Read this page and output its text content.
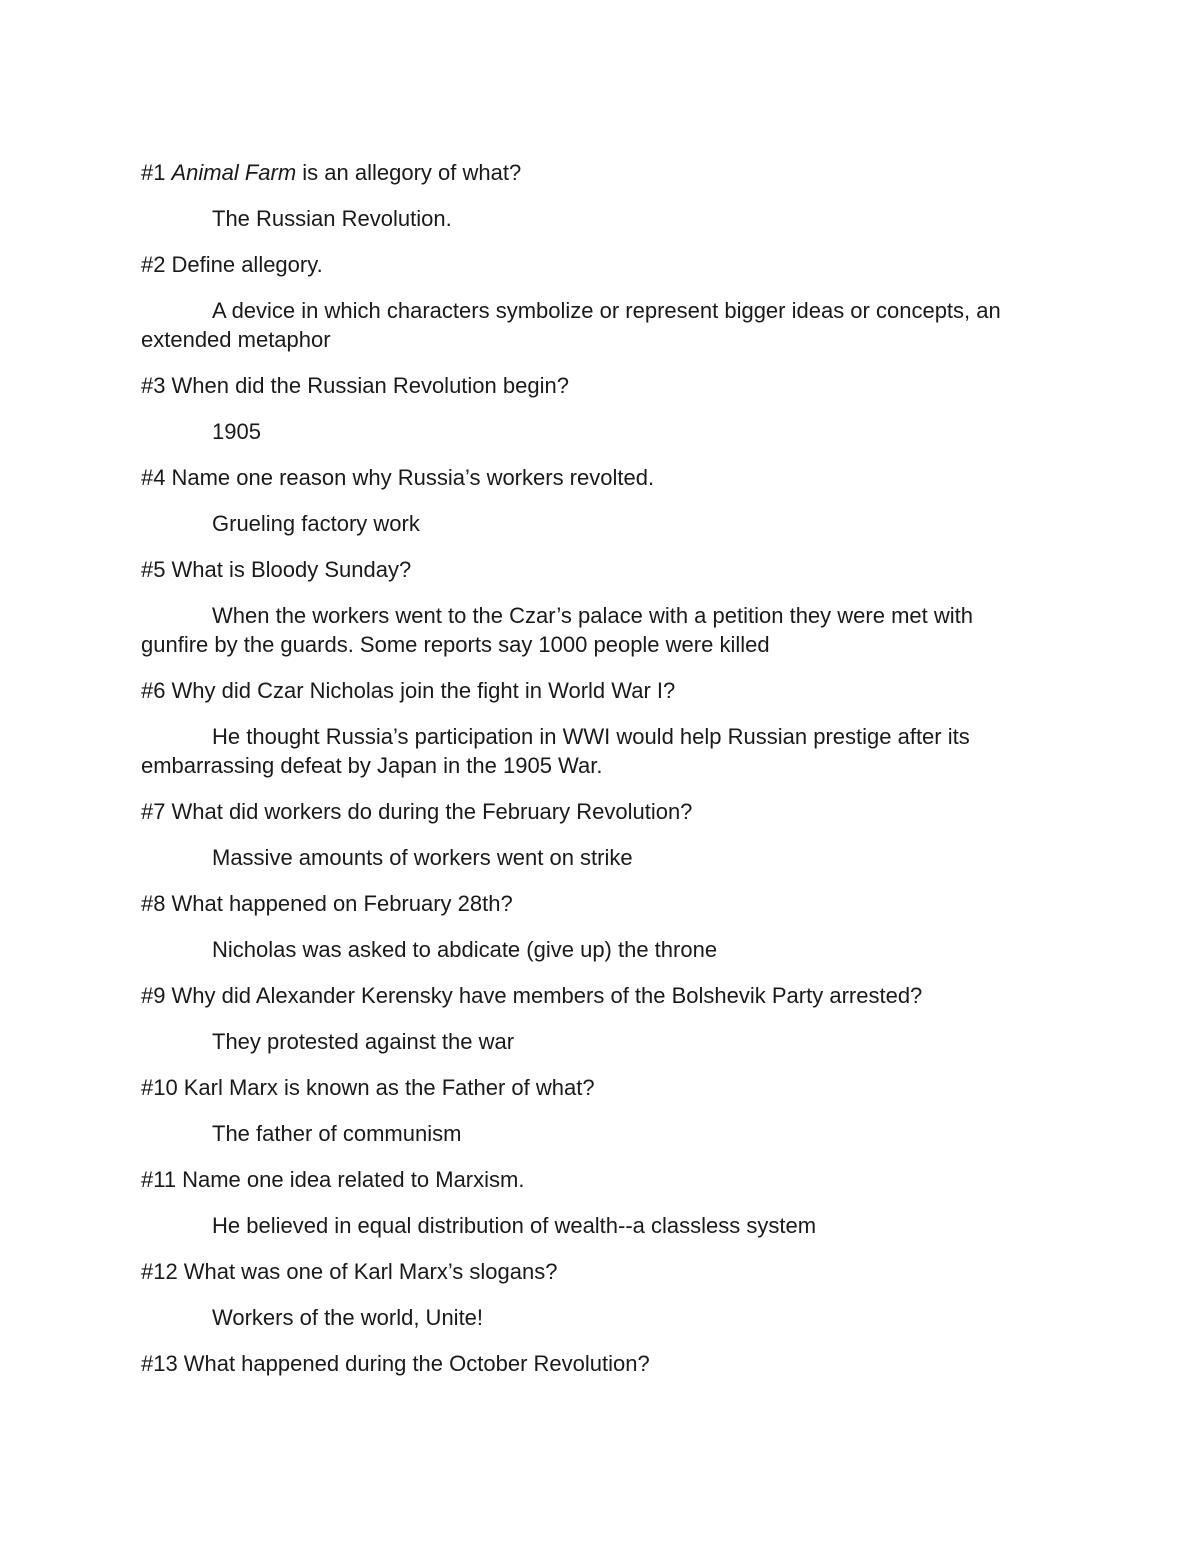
#1 Animal Farm is an allegory of what?

The Russian Revolution.

#2 Define allegory.

A device in which characters symbolize or represent bigger ideas or concepts, an extended metaphor

#3 When did the Russian Revolution begin?

1905

#4 Name one reason why Russia’s workers revolted.

Grueling factory work

#5 What is Bloody Sunday?

When the workers went to the Czar’s palace with a petition they were met with gunfire by the guards. Some reports say 1000 people were killed

#6 Why did Czar Nicholas join the fight in World War I?

He thought Russia’s participation in WWI would help Russian prestige after its embarrassing defeat by Japan in the 1905 War.

#7 What did workers do during the February Revolution?

Massive amounts of workers went on strike

#8 What happened on February 28th?

Nicholas was asked to abdicate (give up) the throne

#9 Why did Alexander Kerensky have members of the Bolshevik Party arrested?

They protested against the war

#10 Karl Marx is known as the Father of what?

The father of communism

#11 Name one idea related to Marxism.

He believed in equal distribution of wealth--a classless system

#12 What was one of Karl Marx’s slogans?

Workers of the world, Unite!

#13 What happened during the October Revolution?
